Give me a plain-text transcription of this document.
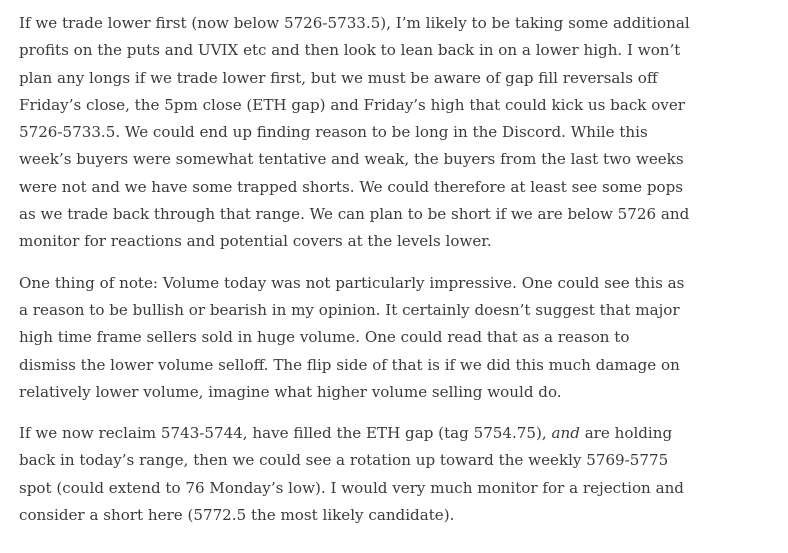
If we trade lower first (now below 5726-5733.5), I’m likely to be taking some additional
profits on the puts and UVIX etc and then look to lean back in on a lower high. I won’t
plan any longs if we trade lower first, but we must be aware of gap fill reversals off
Friday’s close, the 5pm close (ETH gap) and Friday’s high that could kick us back over
5726-5733.5. We could end up finding reason to be long in the Discord. While this
week’s buyers were somewhat tentative and weak, the buyers from the last two weeks
were not and we have some trapped shorts. We could therefore at least see some pops
as we trade back through that range. We can plan to be short if we are below 5726 and
monitor for reactions and potential covers at the levels lower.

One thing of note: Volume today was not particularly impressive. One could see this as
a reason to be bullish or bearish in my opinion. It certainly doesn’t suggest that major
high time frame sellers sold in huge volume. One could read that as a reason to
dismiss the lower volume selloff. The flip side of that is if we did this much damage on
relatively lower volume, imagine what higher volume selling would do.

If we now reclaim 5743-5744, have filled the ETH gap (tag 5754.75), and are holding
back in today’s range, then we could see a rotation up toward the weekly 5769-5775
spot (could extend to 76 Monday’s low). I would very much monitor for a rejection and
consider a short here (5772.5 the most likely candidate).
